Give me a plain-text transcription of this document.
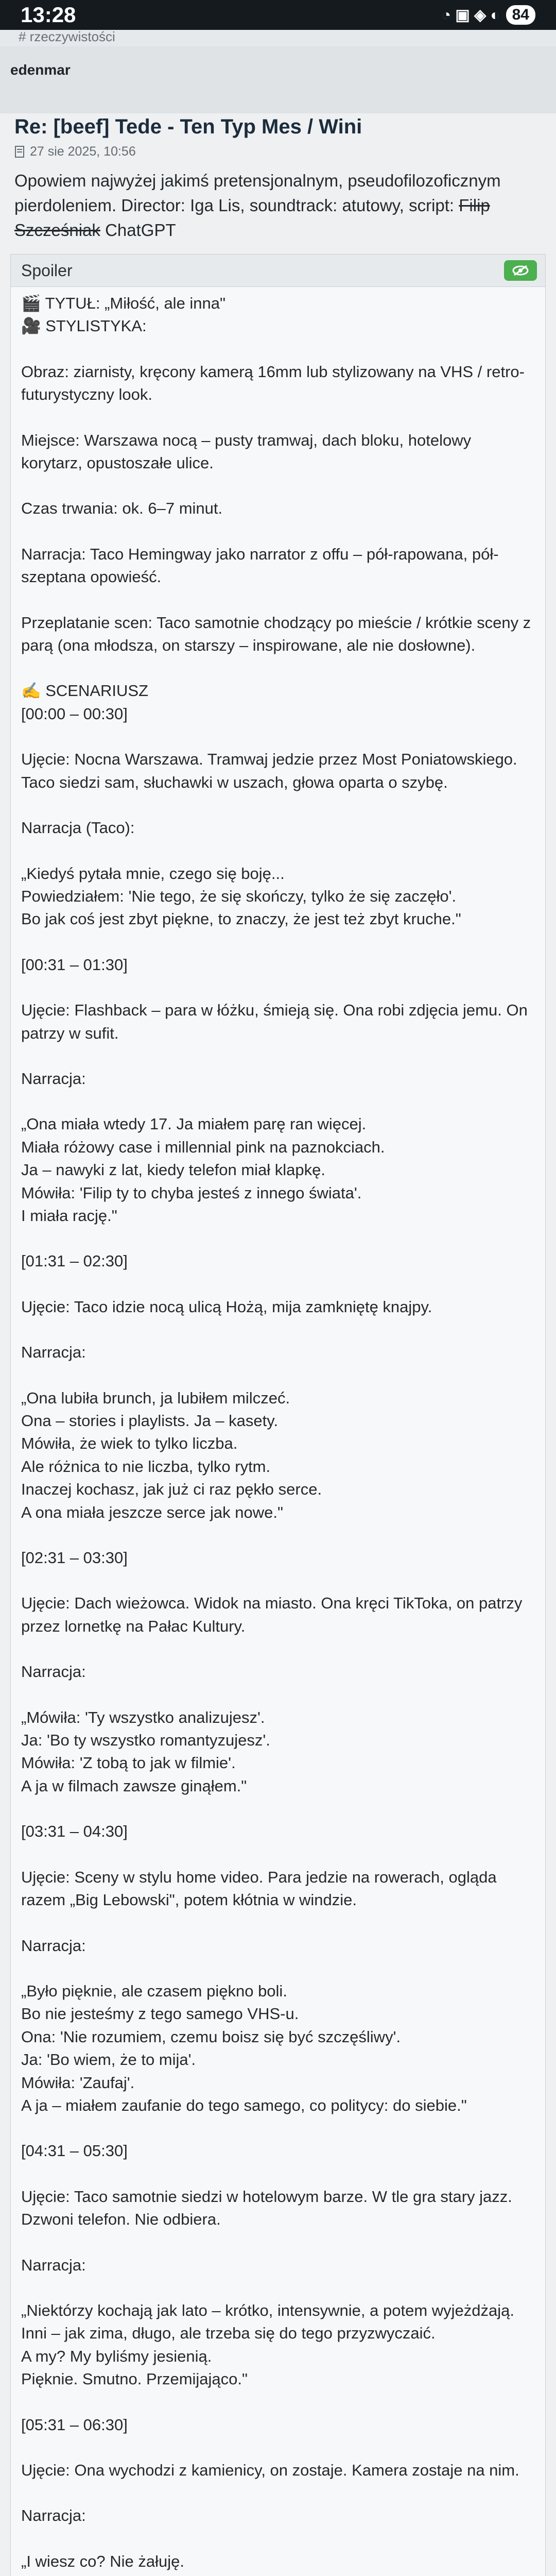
13:28	◔ ▣ ◈ ◐ 84
# rzeczywistości
edenmar
Re: [beef] Tede - Ten Typ Mes / Wini
27 sie 2025, 10:56
Opowiem najwyżej jakimś pretensjonalnym, pseudofilozoficznym pierdoleniem. Director: Iga Lis, soundtrack: atutowy, script: Filip Szcześniak ChatGPT
Spoiler

🎬 TYTUŁ: „Miłość, ale inna"
🎥 STYLISTYKA:

Obraz: ziarnisty, kręcony kamerą 16mm lub stylizowany na VHS / retro-futurystyczny look.

Miejsce: Warszawa nocą – pusty tramwaj, dach bloku, hotelowy korytarz, opustoszałe ulice.

Czas trwania: ok. 6–7 minut.

Narracja: Taco Hemingway jako narrator z offu – pół-rapowana, pół-szeptana opowieść.

Przeplatanie scen: Taco samotnie chodzący po mieście / krótkie sceny z parą (ona młodsza, on starszy – inspirowane, ale nie dosłowne).

✍️ SCENARIUSZ
[00:00 – 00:30]

Ujęcie: Nocna Warszawa. Tramwaj jedzie przez Most Poniatowskiego. Taco siedzi sam, słuchawki w uszach, głowa oparta o szybę.

Narracja (Taco):

„Kiedyś pytała mnie, czego się boję...
Powiedziałem: 'Nie tego, że się skończy, tylko że się zaczęło'.
Bo jak coś jest zbyt piękne, to znaczy, że jest też zbyt kruche."

[00:31 – 01:30]

Ujęcie: Flashback – para w łóżku, śmieją się. Ona robi zdjęcia jemu. On patrzy w sufit.

Narracja:

„Ona miała wtedy 17. Ja miałem parę ran więcej.
Miała różowy case i millennial pink na paznokciach.
Ja – nawyki z lat, kiedy telefon miał klapkę.
Mówiła: 'Filip ty to chyba jesteś z innego świata'.
I miała rację."

[01:31 – 02:30]

Ujęcie: Taco idzie nocą ulicą Hożą, mija zamkniętę knajpy.

Narracja:

„Ona lubiła brunch, ja lubiłem milczeć.
Ona – stories i playlists. Ja – kasety.
Mówiła, że wiek to tylko liczba.
Ale różnica to nie liczba, tylko rytm.
Inaczej kochasz, jak już ci raz pękło serce.
A ona miała jeszcze serce jak nowe."

[02:31 – 03:30]

Ujęcie: Dach wieżowca. Widok na miasto. Ona kręci TikToka, on patrzy przez lornetkę na Pałac Kultury.

Narracja:

„Mówiła: 'Ty wszystko analizujesz'.
Ja: 'Bo ty wszystko romantyzujesz'.
Mówiła: 'Z tobą to jak w filmie'.
A ja w filmach zawsze ginąłem."

[03:31 – 04:30]

Ujęcie: Sceny w stylu home video. Para jedzie na rowerach, ogląda razem „Big Lebowski", potem kłótnia w windzie.

Narracja:

„Było pięknie, ale czasem piękno boli.
Bo nie jesteśmy z tego samego VHS-u.
Ona: 'Nie rozumiem, czemu boisz się być szczęśliwy'.
Ja: 'Bo wiem, że to mija'.
Mówiła: 'Zaufaj'.
A ja – miałem zaufanie do tego samego, co politycy: do siebie."

[04:31 – 05:30]

Ujęcie: Taco samotnie siedzi w hotelowym barze. W tle gra stary jazz. Dzwoni telefon. Nie odbiera.

Narracja:

„Niektórzy kochają jak lato – krótko, intensywnie, a potem wyjeżdżają.
Inni – jak zima, długo, ale trzeba się do tego przyzwyczaić.
A my? My byliśmy jesienią.
Pięknie. Smutno. Przemijająco."

[05:31 – 06:30]

Ujęcie: Ona wychodzi z kamienicy, on zostaje. Kamera zostaje na nim.

Narracja:

„I wiesz co? Nie żałuję.
